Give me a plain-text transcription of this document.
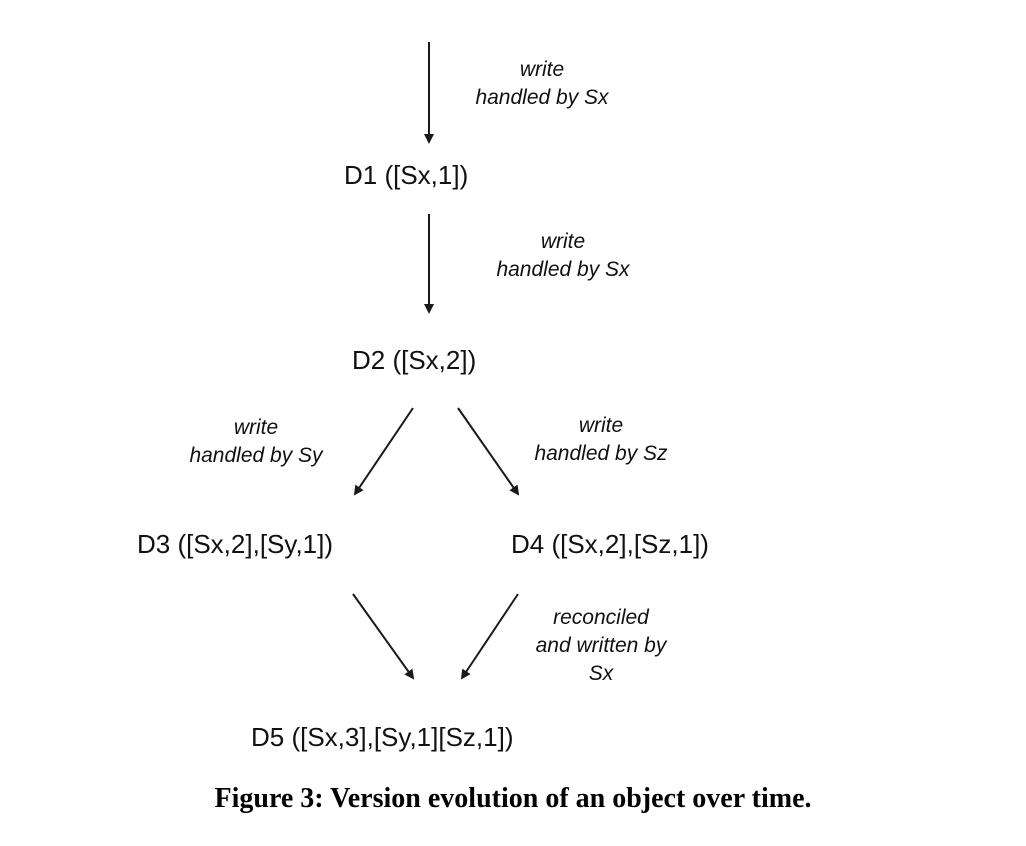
write
handled by Sx
write
handled by Sx
write
handled by Sy
write
handled by Sz
reconciled
and written by
Sx
D1 ([Sx,1])
D2 ([Sx,2])
D3 ([Sx,2],[Sy,1])	D4 ([Sx,2],[Sz,1])
D5 ([Sx,3],[Sy,1][Sz,1])
Figure 3: Version evolution of an object over time.
